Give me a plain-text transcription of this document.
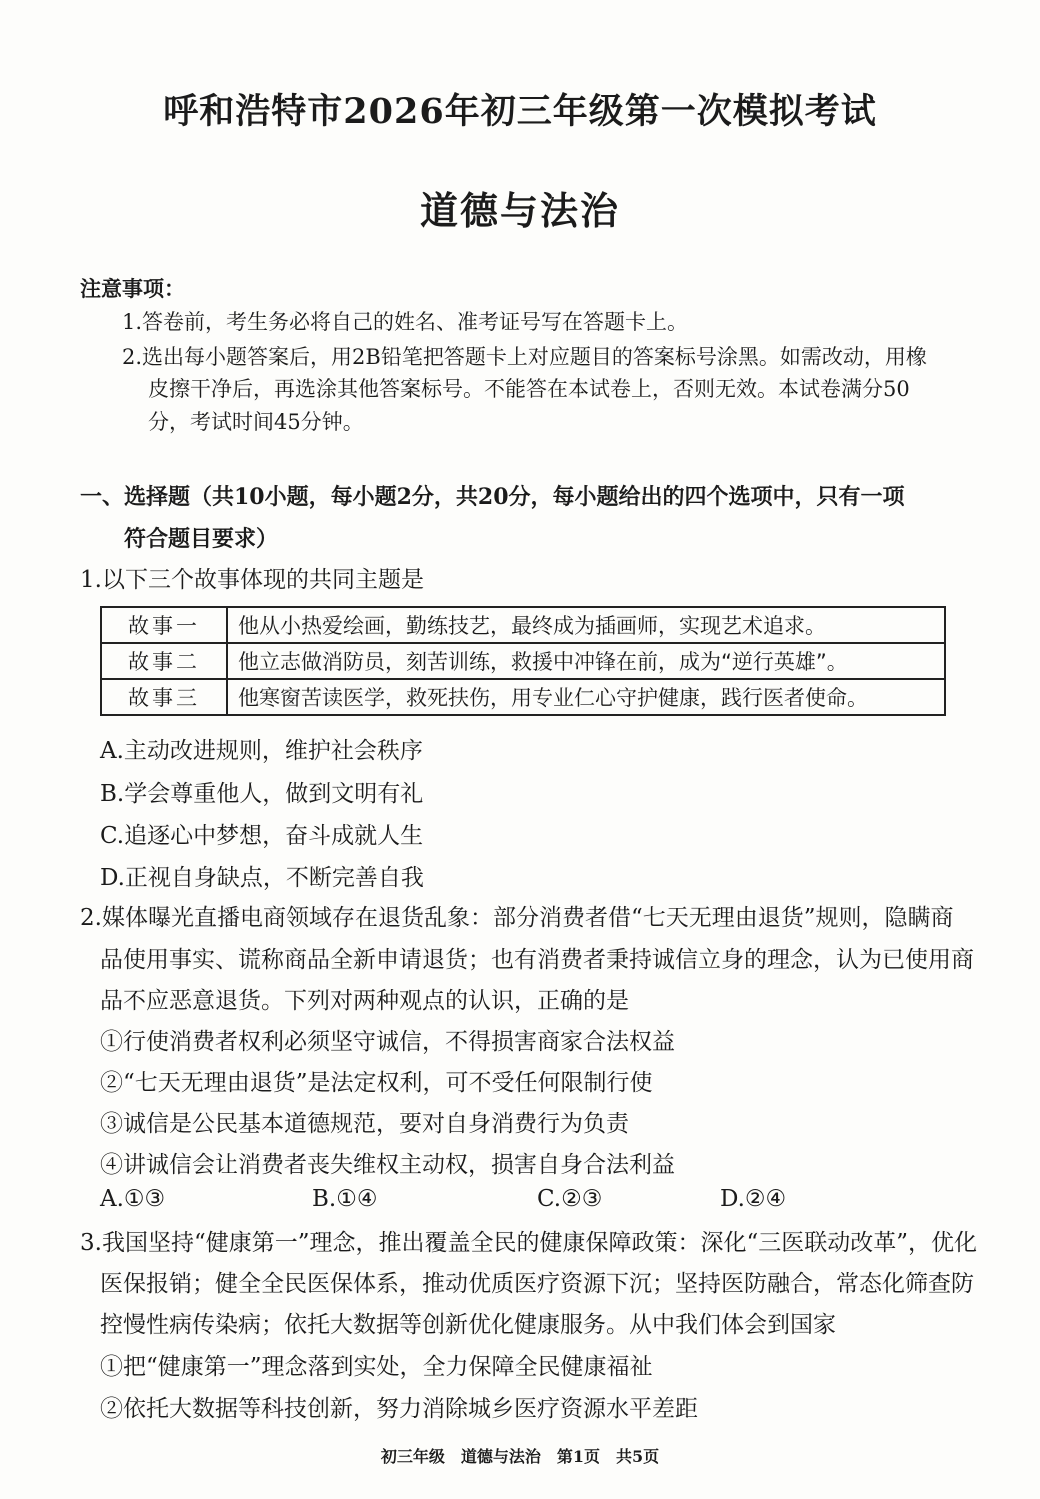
呼和浩特市2026年初三年级第一次模拟考试
道德与法治
注意事项：
1.答卷前，考生务必将自己的姓名、准考证号写在答题卡上。
2.选出每小题答案后，用2B铅笔把答题卡上对应题目的答案标号涂黑。如需改动，用橡
皮擦干净后，再选涂其他答案标号。不能答在本试卷上，否则无效。本试卷满分50
分，考试时间45分钟。
一、选择题（共10小题，每小题2分，共20分，每小题给出的四个选项中，只有一项
符合题目要求）
1.以下三个故事体现的共同主题是
故事一	他从小热爱绘画，勤练技艺，最终成为插画师，实现艺术追求。
故事二	他立志做消防员，刻苦训练，救援中冲锋在前，成为“逆行英雄”。
故事三	他寒窗苦读医学，救死扶伤，用专业仁心守护健康，践行医者使命。
A.主动改进规则，维护社会秩序
B.学会尊重他人，做到文明有礼
C.追逐心中梦想，奋斗成就人生
D.正视自身缺点，不断完善自我
2.媒体曝光直播电商领域存在退货乱象：部分消费者借“七天无理由退货”规则，隐瞒商
品使用事实、谎称商品全新申请退货；也有消费者秉持诚信立身的理念，认为已使用商
品不应恶意退货。下列对两种观点的认识，正确的是
①行使消费者权利必须坚守诚信，不得损害商家合法权益
②“七天无理由退货”是法定权利，可不受任何限制行使
③诚信是公民基本道德规范，要对自身消费行为负责
④讲诚信会让消费者丧失维权主动权，损害自身合法利益
A.①③	B.①④	C.②③	D.②④
3.我国坚持“健康第一”理念，推出覆盖全民的健康保障政策：深化“三医联动改革”，优化
医保报销；健全全民医保体系，推动优质医疗资源下沉；坚持医防融合，常态化筛查防
控慢性病传染病；依托大数据等创新优化健康服务。从中我们体会到国家
①把“健康第一”理念落到实处，全力保障全民健康福祉
②依托大数据等科技创新，努力消除城乡医疗资源水平差距
初三年级　道德与法治　第1页　共5页
